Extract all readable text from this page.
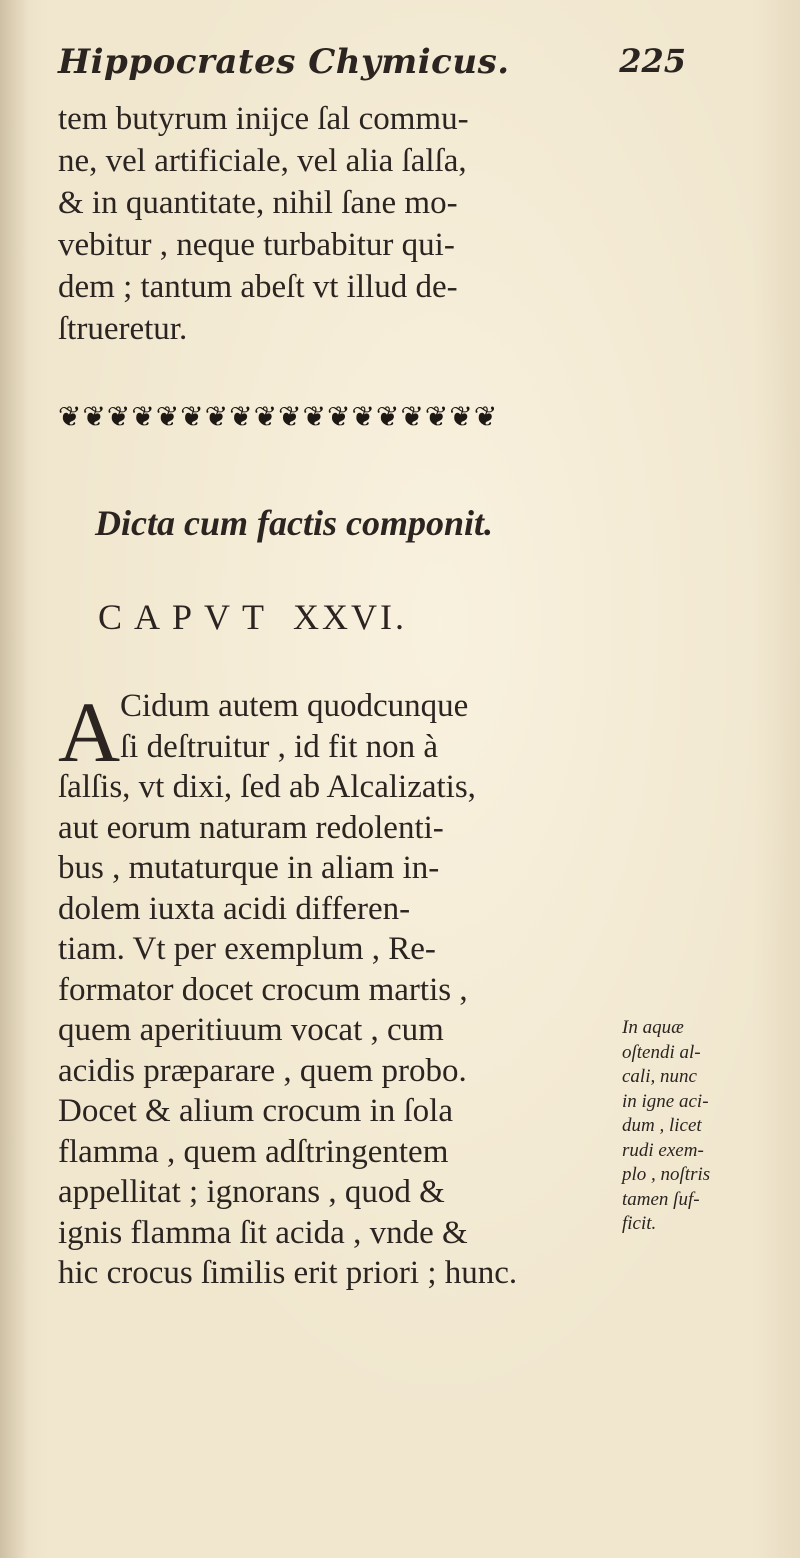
Hippocrates Chymicus.	225
tem butyrum inijce ſal commu-
ne, vel artificiale, vel alia ſalſa,
& in quantitate, nihil ſane mo-
vebitur , neque turbabitur qui-
dem ; tantum abeſt vt illud de-
ſtrueretur.
❦❦❦❦❦❦❦❦❦❦❦❦❦❦❦❦❦❦
Dicta cum factis componit.
CAPVT XXVI.
A Cidum autem quodcunque
ſi deſtruitur , id fit non à
ſalſis, vt dixi, ſed ab Alcalizatis,
aut eorum naturam redolenti-
bus , mutaturque in aliam in-
dolem iuxta acidi differen-
tiam. Vt per exemplum , Re-
formator docet crocum martis ,
quem aperitiuum vocat , cum
acidis præparare , quem probo.
Docet & alium crocum in ſola
flamma , quem adſtringentem
appellitat ; ignorans , quod &
ignis flamma ſit acida , vnde &
hic crocus ſimilis erit priori ; hunc.
In aquæ
oſtendi al-
cali, nunc
in igne aci-
dum , licet
rudi exem-
plo , noſtris
tamen ſuf-
ficit.
